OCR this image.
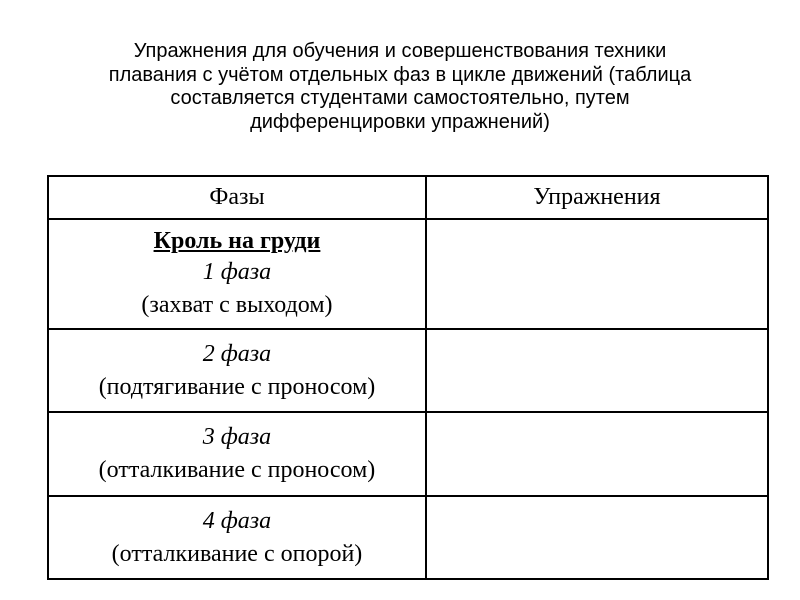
Упражнения для обучения и совершенствования техники
плавания с учётом отдельных фаз в цикле движений (таблица
составляется студентами самостоятельно, путем
дифференцировки упражнений)
Фазы	Упражнения

Кроль на груди
1 фаза
(захват с выходом)	

2 фаза
(подтягивание с проносом)	

3 фаза
(отталкивание с проносом)	

4 фаза
(отталкивание с опорой)	
